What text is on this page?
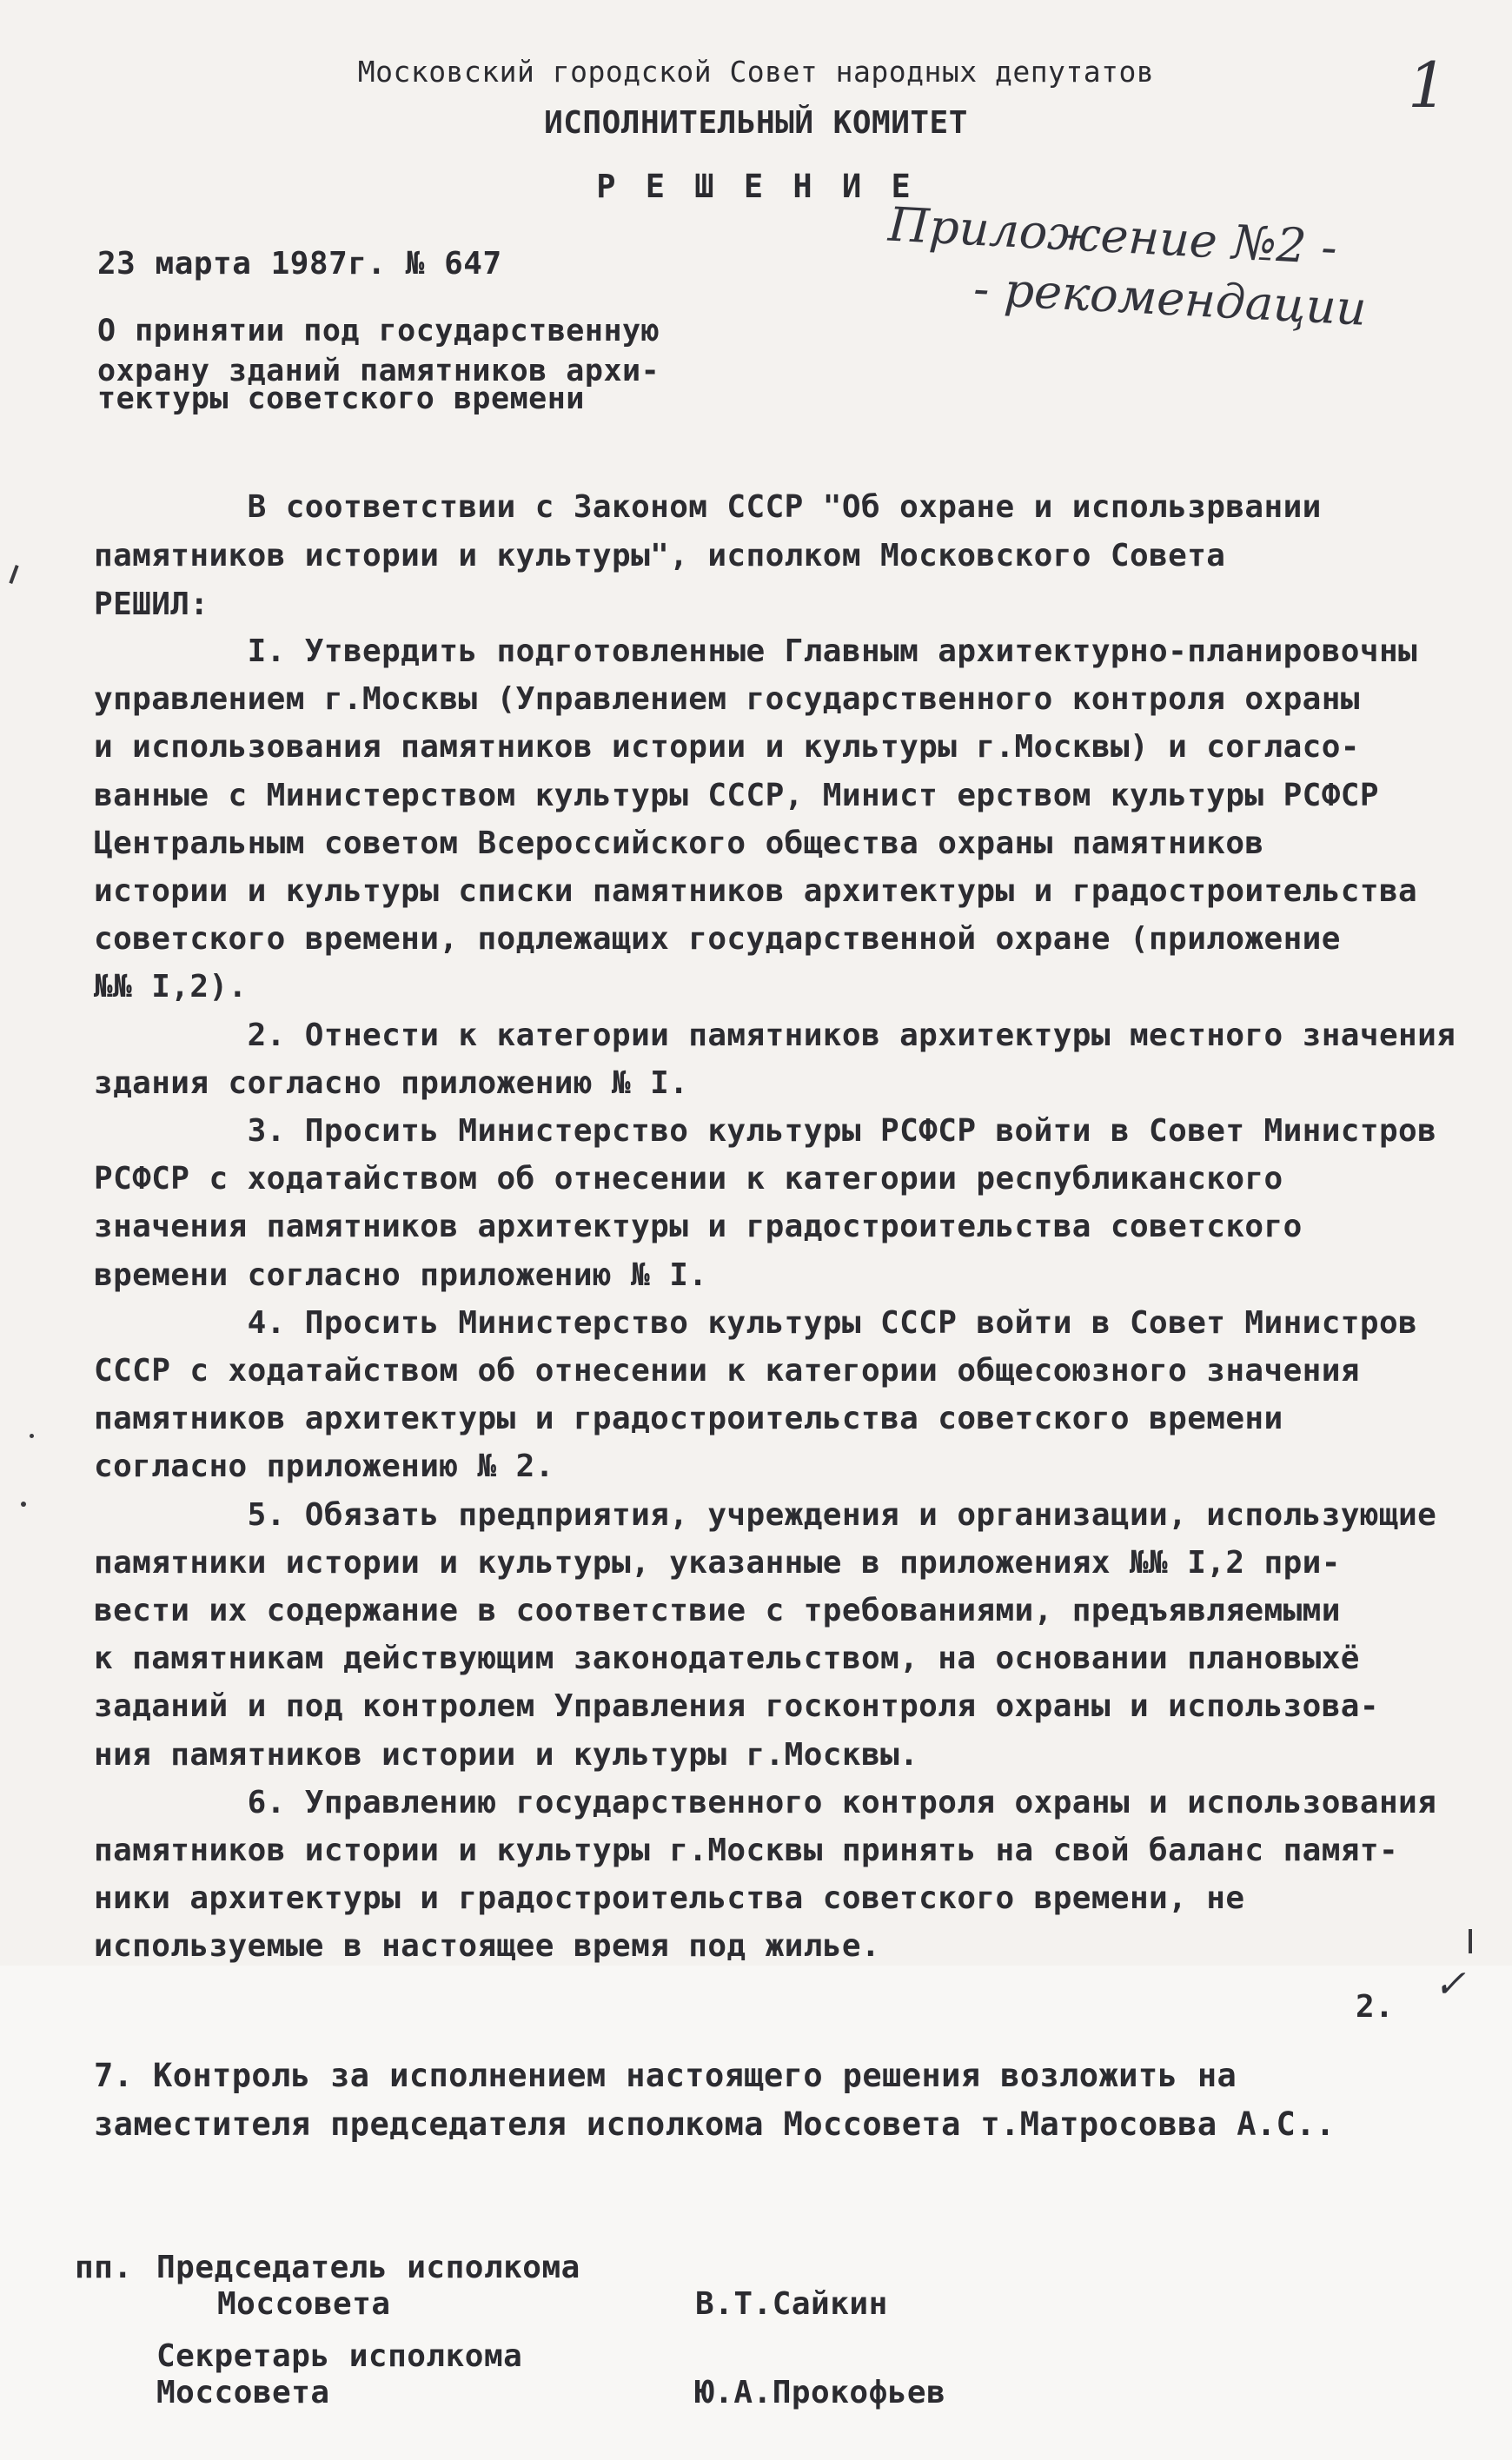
Московский городской Совет народных депутатов
ИСПОЛНИТЕЛЬНЫЙ КОМИТЕТ
Р Е Ш Е Н И Е
1
23 марта 1987г. № 647	Приложение №2 -
- рекомендации
О принятии под государственную
охрану зданий памятников архи-
тектуры советского времени
В соответствии с Законом СССР "Об охране и использрвании
памятников истории и культуры", исполком Московского Совета
РЕШИЛ:
I. Утвердить подготовленные Главным архитектурно-планировочны
управлением г.Москвы (Управлением государственного контроля охраны
и использования памятников истории и культуры г.Москвы) и согласо-
ванные с Министерством культуры СССР, Минист ерством культуры РСФСР
Центральным советом Всероссийского общества охраны памятников
истории и культуры списки памятников архитектуры и градостроительства
советского времени, подлежащих государственной охране (приложение
№№ I,2).
2. Отнести к категории памятников архитектуры местного значения
здания согласно приложению № I.
3. Просить Министерство культуры РСФСР войти в Совет Министров
РСФСР с ходатайством об отнесении к категории республиканского
значения памятников архитектуры и градостроительства советского
времени согласно приложению № I.
4. Просить Министерство культуры СССР войти в Совет Министров
СССР с ходатайством об отнесении к категории общесоюзного значения
памятников архитектуры и градостроительства советского времени
согласно приложению № 2.
5. Обязать предприятия, учреждения и организации, использующие
памятники истории и культуры, указанные в приложениях №№ I,2 при-
вести их содержание в соответствие с требованиями, предъявляемыми
к памятникам действующим законодательством, на основании плановыхё
заданий и под контролем Управления госконтроля охраны и использова-
ния памятников истории и культуры г.Москвы.
6. Управлению государственного контроля охраны и использования
памятников истории и культуры г.Москвы принять на свой баланс памят-
ники архитектуры и градостроительства советского времени, не
используемые в настоящее время под жилье.
2.
✓
7. Контроль за исполнением настоящего решения возложить на
заместителя председателя исполкома Моссовета т.Матросовва А.С..
пп. Председатель исполкома
Моссовета	В.Т.Сайкин
Секретарь исполкома
Моссовета	Ю.А.Прокофьев
